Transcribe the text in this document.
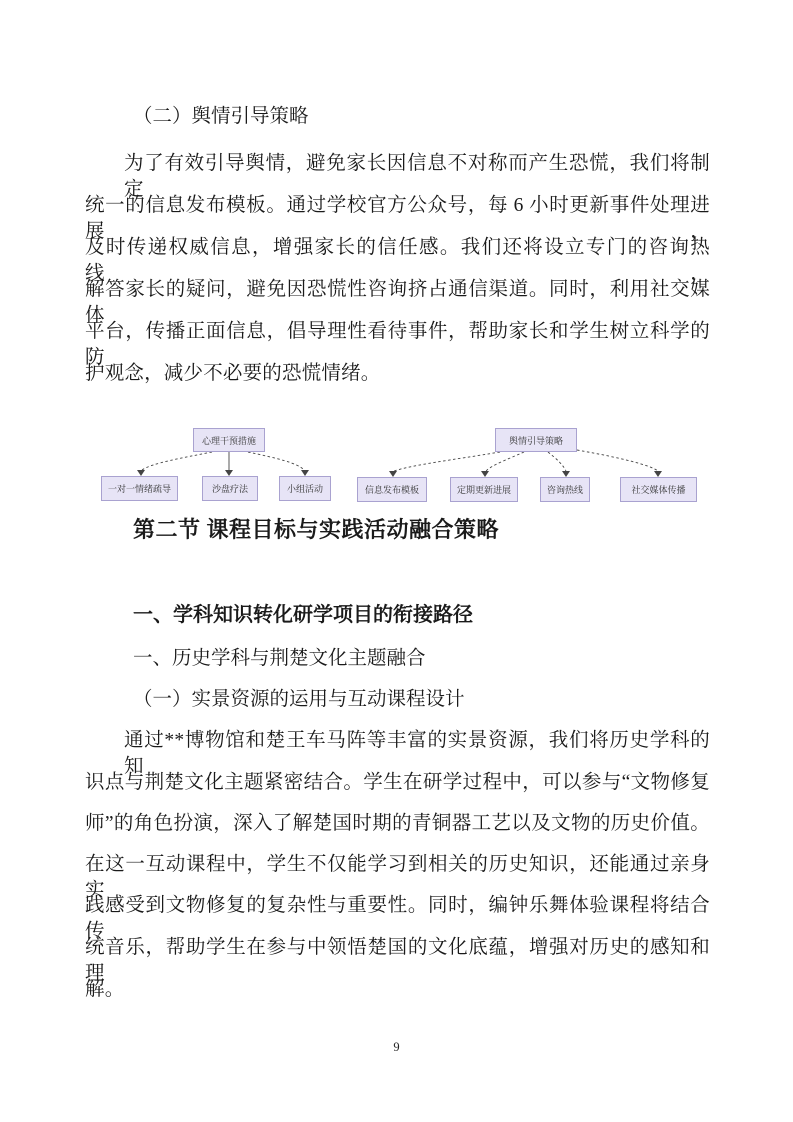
（二）舆情引导策略
为了有效引导舆情，避免家长因信息不对称而产生恐慌，我们将制定
统一的信息发布模板。通过学校官方公众号，每 6 小时更新事件处理进展，
及时传递权威信息，增强家长的信任感。我们还将设立专门的咨询热线，
解答家长的疑问，避免因恐慌性咨询挤占通信渠道。同时，利用社交媒体
平台，传播正面信息，倡导理性看待事件，帮助家长和学生树立科学的防
护观念，减少不必要的恐慌情绪。
心理干预措施
一对一情绪疏导	沙盘疗法	小组活动
舆情引导策略
信息发布模板	定期更新进展	咨询热线	社交媒体传播
第二节 课程目标与实践活动融合策略
一、学科知识转化研学项目的衔接路径
一、历史学科与荆楚文化主题融合
（一）实景资源的运用与互动课程设计
通过**博物馆和楚王车马阵等丰富的实景资源，我们将历史学科的知
识点与荆楚文化主题紧密结合。学生在研学过程中，可以参与“文物修复
师”的角色扮演，深入了解楚国时期的青铜器工艺以及文物的历史价值。
在这一互动课程中，学生不仅能学习到相关的历史知识，还能通过亲身实
践感受到文物修复的复杂性与重要性。同时，编钟乐舞体验课程将结合传
统音乐，帮助学生在参与中领悟楚国的文化底蕴，增强对历史的感知和理
解。
9
